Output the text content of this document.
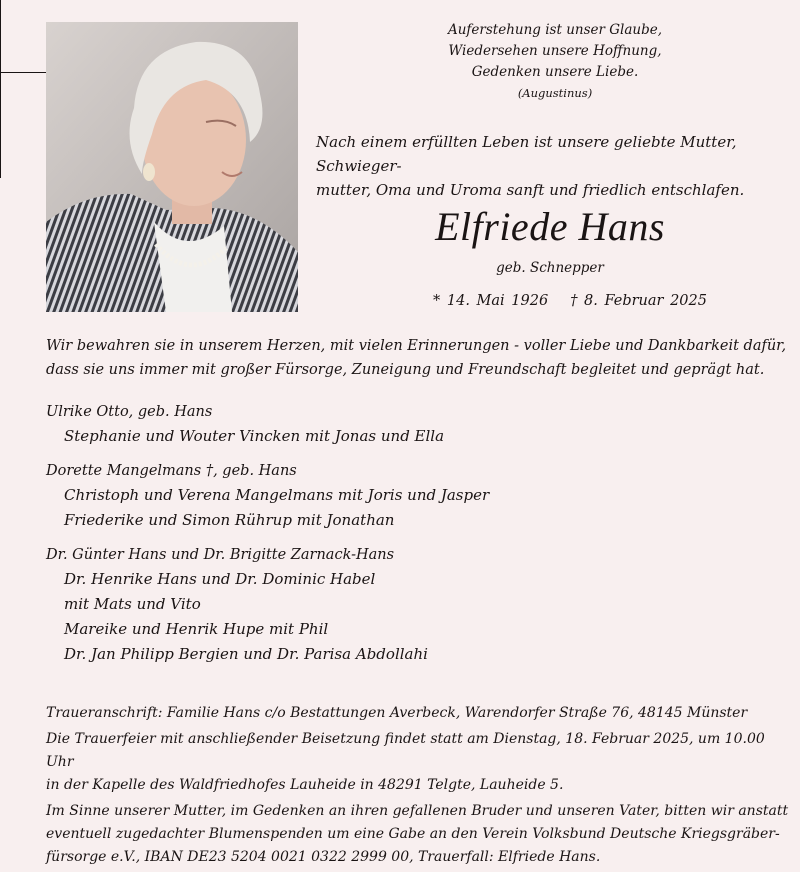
Auferstehung ist unser Glaube,
Wiedersehen unsere Hoffnung,
Gedenken unsere Liebe.
(Augustinus)
Nach einem erfüllten Leben ist unsere geliebte Mutter, Schwieger-
mutter, Oma und Uroma sanft und friedlich entschlafen.
Elfriede Hans
geb. Schnepper
* 14. Mai 1926 † 8. Februar 2025
Wir bewahren sie in unserem Herzen, mit vielen Erinnerungen - voller Liebe und Dankbarkeit dafür,
dass sie uns immer mit großer Fürsorge, Zuneigung und Freundschaft begleitet und geprägt hat.
Ulrike Otto, geb. Hans
Stephanie und Wouter Vincken mit Jonas und Ella
Dorette Mangelmans †, geb. Hans
Christoph und Verena Mangelmans mit Joris und Jasper
Friederike und Simon Rührup mit Jonathan
Dr. Günter Hans und Dr. Brigitte Zarnack-Hans
Dr. Henrike Hans und Dr. Dominic Habel
mit Mats und Vito
Mareike und Henrik Hupe mit Phil
Dr. Jan Philipp Bergien und Dr. Parisa Abdollahi

Traueranschrift: Familie Hans c/o Bestattungen Averbeck, Warendorfer Straße 76, 48145 Münster

Die Trauerfeier mit anschließender Beisetzung findet statt am Dienstag, 18. Februar 2025, um 10.00 Uhr

in der Kapelle des Waldfriedhofes Lauheide in 48291 Telgte, Lauheide 5.

Im Sinne unserer Mutter, im Gedenken an ihren gefallenen Bruder und unseren Vater, bitten wir anstatt

eventuell zugedachter Blumenspenden um eine Gabe an den Verein Volksbund Deutsche Kriegsgräber-

fürsorge e.V., IBAN DE23 5204 0021 0322 2999 00, Trauerfall: Elfriede Hans.
